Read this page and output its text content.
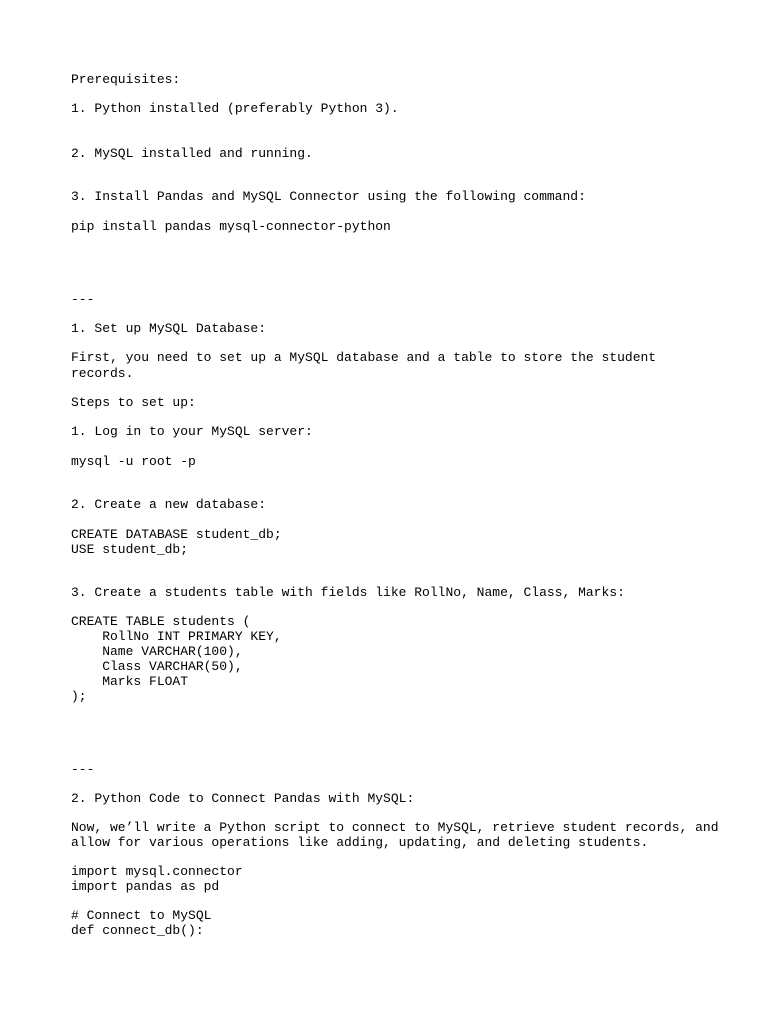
Prerequisites:

1. Python installed (preferably Python 3).

2. MySQL installed and running.

3. Install Pandas and MySQL Connector using the following command:

pip install pandas mysql-connector-python

---

1. Set up MySQL Database:

First, you need to set up a MySQL database and a table to store the student

records.

Steps to set up:

1. Log in to your MySQL server:

mysql -u root -p

2. Create a new database:

CREATE DATABASE student_db;

USE student_db;

3. Create a students table with fields like RollNo, Name, Class, Marks:

CREATE TABLE students (

RollNo INT PRIMARY KEY,

Name VARCHAR(100),

Class VARCHAR(50),

Marks FLOAT

);

---

2. Python Code to Connect Pandas with MySQL:

Now, we’ll write a Python script to connect to MySQL, retrieve student records, and

allow for various operations like adding, updating, and deleting students.

import mysql.connector

import pandas as pd

# Connect to MySQL

def connect_db():
